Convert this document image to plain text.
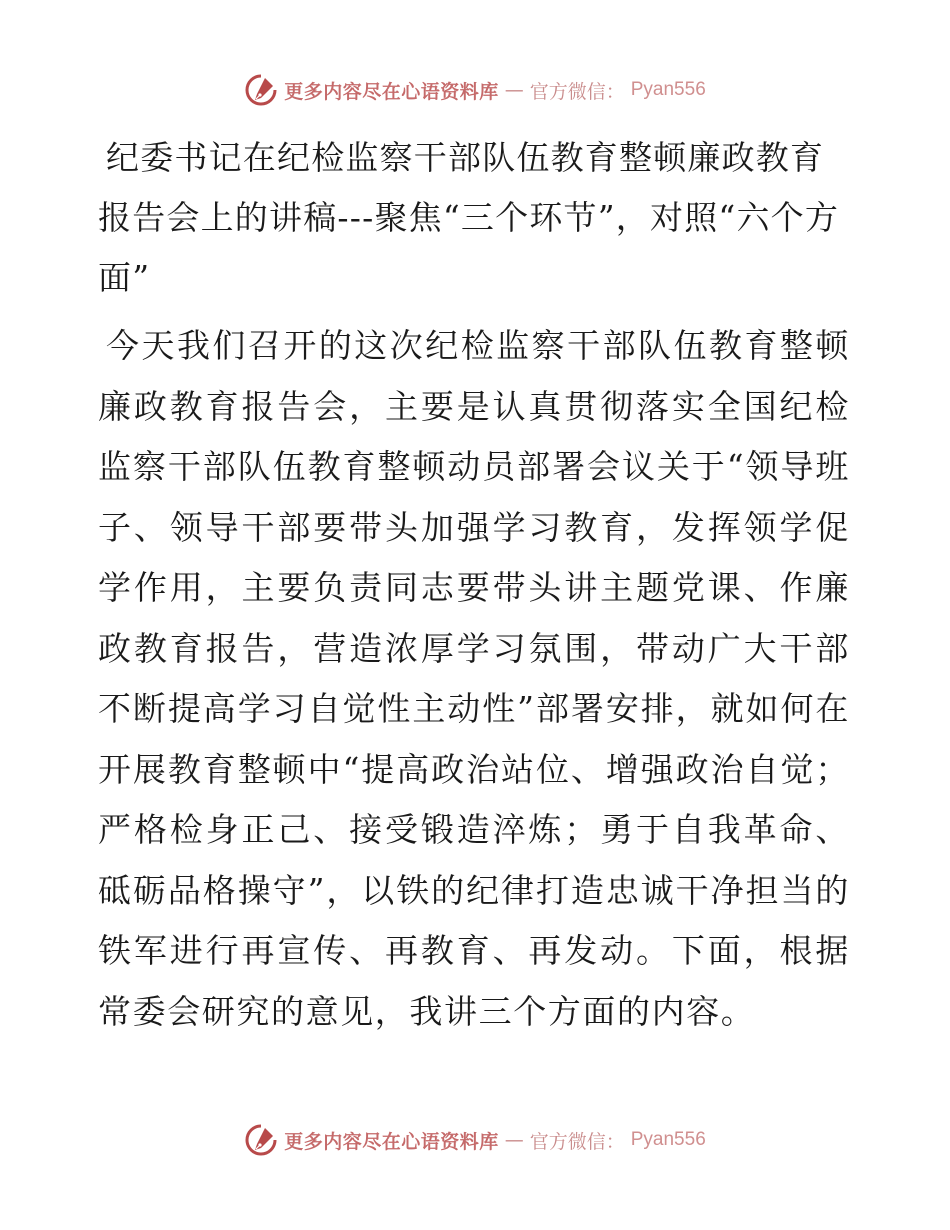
更多内容尽在心语资料库 — 官方微信： Pyan556
纪委书记在纪检监察干部队伍教育整顿廉政教育报告会上的讲稿---聚焦“三个环节”，对照“六个方面”

今天我们召开的这次纪检监察干部队伍教育整顿廉政教育报告会，主要是认真贯彻落实全国纪检监察干部队伍教育整顿动员部署会议关于“领导班子、领导干部要带头加强学习教育，发挥领学促学作用，主要负责同志要带头讲主题党课、作廉政教育报告，营造浓厚学习氛围，带动广大干部不断提高学习自觉性主动性”部署安排，就如何在开展教育整顿中“提高政治站位、增强政治自觉；严格检身正己、接受锻造淬炼；勇于自我革命、砥砺品格操守”，以铁的纪律打造忠诚干净担当的铁军进行再宣传、再教育、再发动。下面，根据常委会研究的意见，我讲三个方面的内容。

更多内容尽在心语资料库 — 官方微信： Pyan556
